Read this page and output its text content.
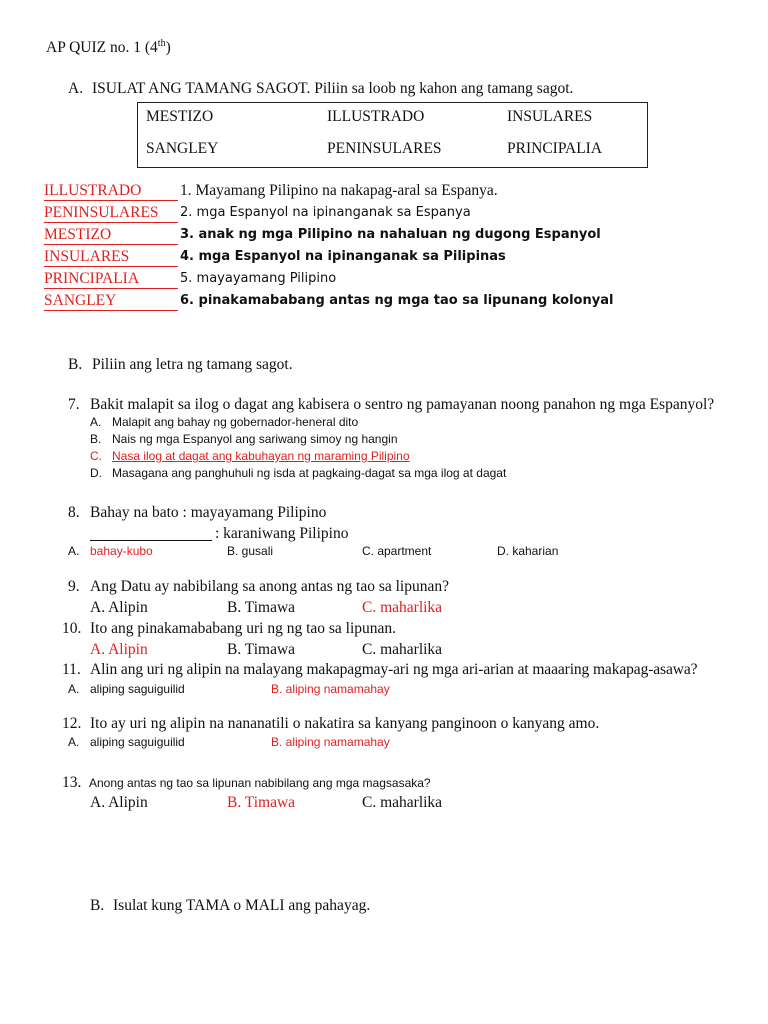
AP QUIZ no. 1 (4th)
A. ISULAT ANG TAMANG SAGOT. Piliin sa loob ng kahon ang tamang sagot.
MESTIZO	ILLUSTRADO	INSULARES
SANGLEY	PENINSULARES	PRINCIPALIA
ILLUSTRADO 1. Mayamang Pilipino na nakapag-aral sa Espanya.
PENINSULARES 2. mga Espanyol na ipinanganak sa Espanya
MESTIZO	3. anak ng mga Pilipino na nahaluan ng dugong Espanyol
INSULARES	4. mga Espanyol na ipinanganak sa Pilipinas
PRINCIPALIA	5. mayayamang Pilipino
SANGLEY	6. pinakamababang antas ng mga tao sa lipunang kolonyal
B. Piliin ang letra ng tamang sagot.
7. Bakit malapit sa ilog o dagat ang kabisera o sentro ng pamayanan noong panahon ng mga Espanyol?
A. Malapit ang bahay ng gobernador-heneral dito
B. Nais ng mga Espanyol ang sariwang simoy ng hangin
C. Nasa ilog at dagat ang kabuhayan ng maraming Pilipino
D. Masagana ang panghuhuli ng isda at pagkaing-dagat sa mga ilog at dagat
8. Bahay na bato : mayayamang Pilipino
: karaniwang Pilipino
A. bahay-kubo	B. gusali	C. apartment	D. kaharian
9. Ang Datu ay nabibilang sa anong antas ng tao sa lipunan?
A. Alipin	B. Timawa	C. maharlika
10. Ito ang pinakamababang uri ng ng tao sa lipunan.
A. Alipin	B. Timawa	C. maharlika
11. Alin ang uri ng alipin na malayang makapagmay-ari ng mga ari-arian at maaaring makapag-asawa?
A. aliping saguiguilid	B. aliping namamahay
12. Ito ay uri ng alipin na nananatili o nakatira sa kanyang panginoon o kanyang amo.
A. aliping saguiguilid	B. aliping namamahay
13. Anong antas ng tao sa lipunan nabibilang ang mga magsasaka?
A. Alipin	B. Timawa	C. maharlika
B. Isulat kung TAMA o MALI ang pahayag.
